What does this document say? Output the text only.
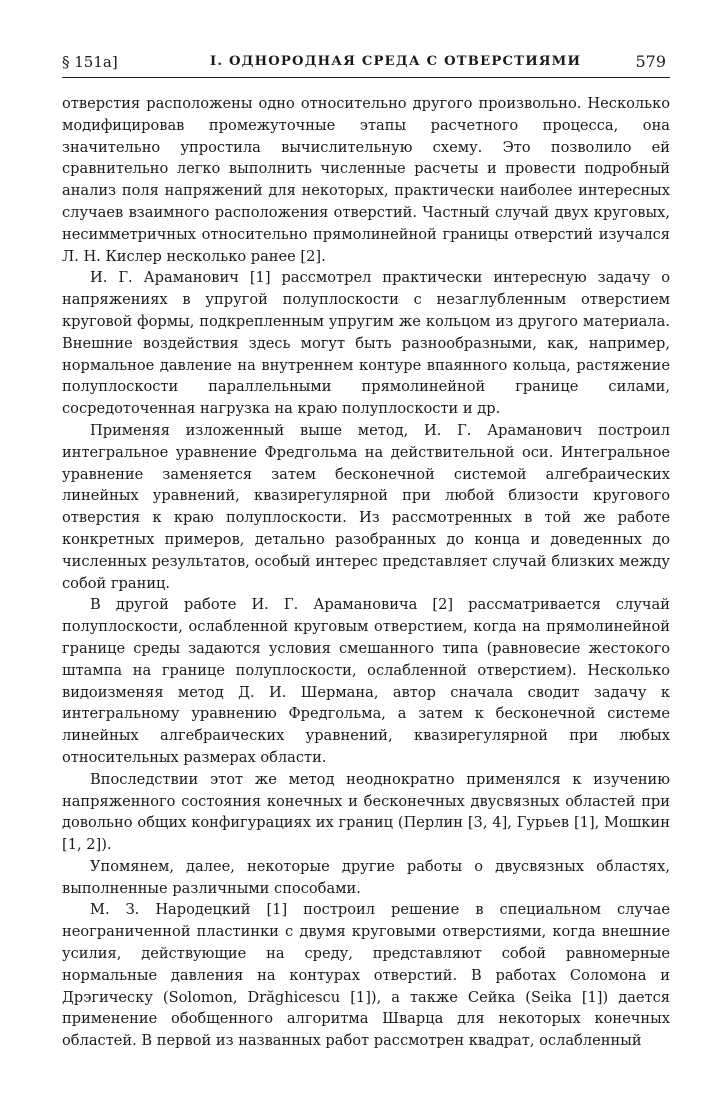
§ 151а]	I. ОДНОРОДНАЯ СРЕДА С ОТВЕРСТИЯМИ	579

отверстия расположены одно относительно другого произвольно. Несколько модифицировав промежуточные этапы расчетного процесса, она значительно упростила вычислительную схему. Это позволило ей сравнительно легко выполнить численные расчеты и провести подробный анализ поля напряжений для некоторых, практически наиболее интересных случаев взаимного расположения отверстий. Частный случай двух круговых, несимметричных относительно прямолинейной границы отверстий изучался Л. Н. Кислер несколько ранее [2].

И. Г. Араманович [1] рассмотрел практически интересную задачу о напряжениях в упругой полуплоскости с незаглубленным отверстием круговой формы, подкрепленным упругим же кольцом из другого материала. Внешние воздействия здесь могут быть разнообразными, как, например, нормальное давление на внутреннем контуре впаянного кольца, растяжение полуплоскости параллельными прямолинейной границе силами, сосредоточенная нагрузка на краю полуплоскости и др.

Применяя изложенный выше метод, И. Г. Араманович построил интегральное уравнение Фредгольма на действительной оси. Интегральное уравнение заменяется затем бесконечной системой алгебраических линейных уравнений, квазирегулярной при любой близости кругового отверстия к краю полуплоскости. Из рассмотренных в той же работе конкретных примеров, детально разобранных до конца и доведенных до численных результатов, особый интерес представляет случай близких между собой границ.

В другой работе И. Г. Арамановича [2] рассматривается случай полуплоскости, ослабленной круговым отверстием, когда на прямолинейной границе среды задаются условия смешанного типа (равновесие жестокого штампа на границе полуплоскости, ослабленной отверстием). Несколько видоизменяя метод Д. И. Шермана, автор сначала сводит задачу к интегральному уравнению Фредгольма, а затем к бесконечной системе линейных алгебраических уравнений, квазирегулярной при любых относительных размерах области.

Впоследствии этот же метод неоднократно применялся к изучению напряженного состояния конечных и бесконечных двусвязных областей при довольно общих конфигурациях их границ (Перлин [3, 4], Гурьев [1], Мошкин [1, 2]).

Упомянем, далее, некоторые другие работы о двусвязных областях, выполненные различными способами.

М. З. Народецкий [1] построил решение в специальном случае неограниченной пластинки с двумя круговыми отверстиями, когда внешние усилия, действующие на среду, представляют собой равномерные нормальные давления на контурах отверстий. В работах Соломона и Дрэгическу (Solomon, Drăghicescu [1]), а также Сейка (Seika [1]) дается применение обобщенного алгоритма Шварца для некоторых конечных областей. В первой из названных работ рассмотрен квадрат, ослабленный
